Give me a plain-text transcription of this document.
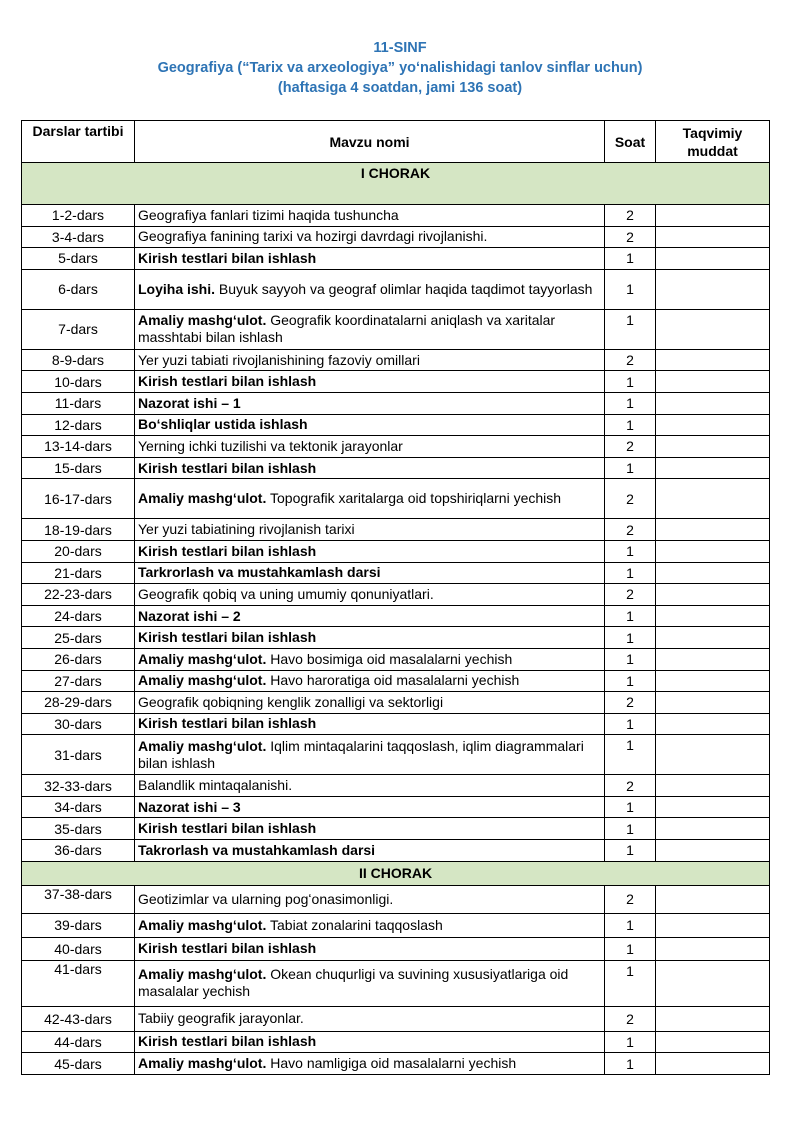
11-SINF
Geografiya (“Tarix va arxeologiya” yoʻnalishidagi tanlov sinflar uchun)
(haftasiga 4 soatdan, jami 136 soat)
Darslar tartibi	Mavzu nomi	Soat	Taqvimiy muddat
I CHORAK			
1-2-dars	Geografiya fanlari tizimi haqida tushuncha	2	
3-4-dars	Geografiya fanining tarixi va hozirgi davrdagi rivojlanishi.	2	
5-dars	Kirish testlari bilan ishlash	1	
6-dars	Loyiha ishi. Buyuk sayyoh va geograf olimlar haqida taqdimot tayyorlash	1	
7-dars	Amaliy mashgʻulot. Geografik koordinatalarni aniqlash va xaritalar masshtabi bilan ishlash	1	
8-9-dars	Yer yuzi tabiati rivojlanishining fazoviy omillari	2	
10-dars	Kirish testlari bilan ishlash	1	
11-dars	Nazorat ishi – 1	1	
12-dars	Boʻshliqlar ustida ishlash	1	
13-14-dars	Yerning ichki tuzilishi va tektonik jarayonlar	2	
15-dars	Kirish testlari bilan ishlash	1	
16-17-dars	Amaliy mashgʻulot. Topografik xaritalarga oid topshiriqlarni yechish	2	
18-19-dars	Yer yuzi tabiatining rivojlanish tarixi	2	
20-dars	Kirish testlari bilan ishlash	1	
21-dars	Tarkrorlash va mustahkamlash darsi	1	
22-23-dars	Geografik qobiq va uning umumiy qonuniyatlari.	2	
24-dars	Nazorat ishi – 2	1	
25-dars	Kirish testlari bilan ishlash	1	
26-dars	Amaliy mashgʻulot. Havo bosimiga oid masalalarni yechish	1	
27-dars	Amaliy mashgʻulot. Havo haroratiga oid masalalarni yechish	1	
28-29-dars	Geografik qobiqning kenglik zonalligi va sektorligi	2	
30-dars	Kirish testlari bilan ishlash	1	
31-dars	Amaliy mashgʻulot. Iqlim mintaqalarini taqqoslash, iqlim diagrammalari bilan ishlash	1	
32-33-dars	Balandlik mintaqalanishi.	2	
34-dars	Nazorat ishi – 3	1	
35-dars	Kirish testlari bilan ishlash	1	
36-dars	Takrorlash va mustahkamlash darsi	1	
II CHORAK			
37-38-dars	Geotizimlar va ularning pogʻonasimonligi.	2	
39-dars	Amaliy mashgʻulot. Tabiat zonalarini taqqoslash	1	
40-dars	Kirish testlari bilan ishlash	1	
41-dars	Amaliy mashgʻulot. Okean chuqurligi va suvining xususiyatlariga oid masalalar yechish	1	
42-43-dars	Tabiiy geografik jarayonlar.	2	
44-dars	Kirish testlari bilan ishlash	1	
45-dars	Amaliy mashgʻulot. Havo namligiga oid masalalarni yechish	1	
